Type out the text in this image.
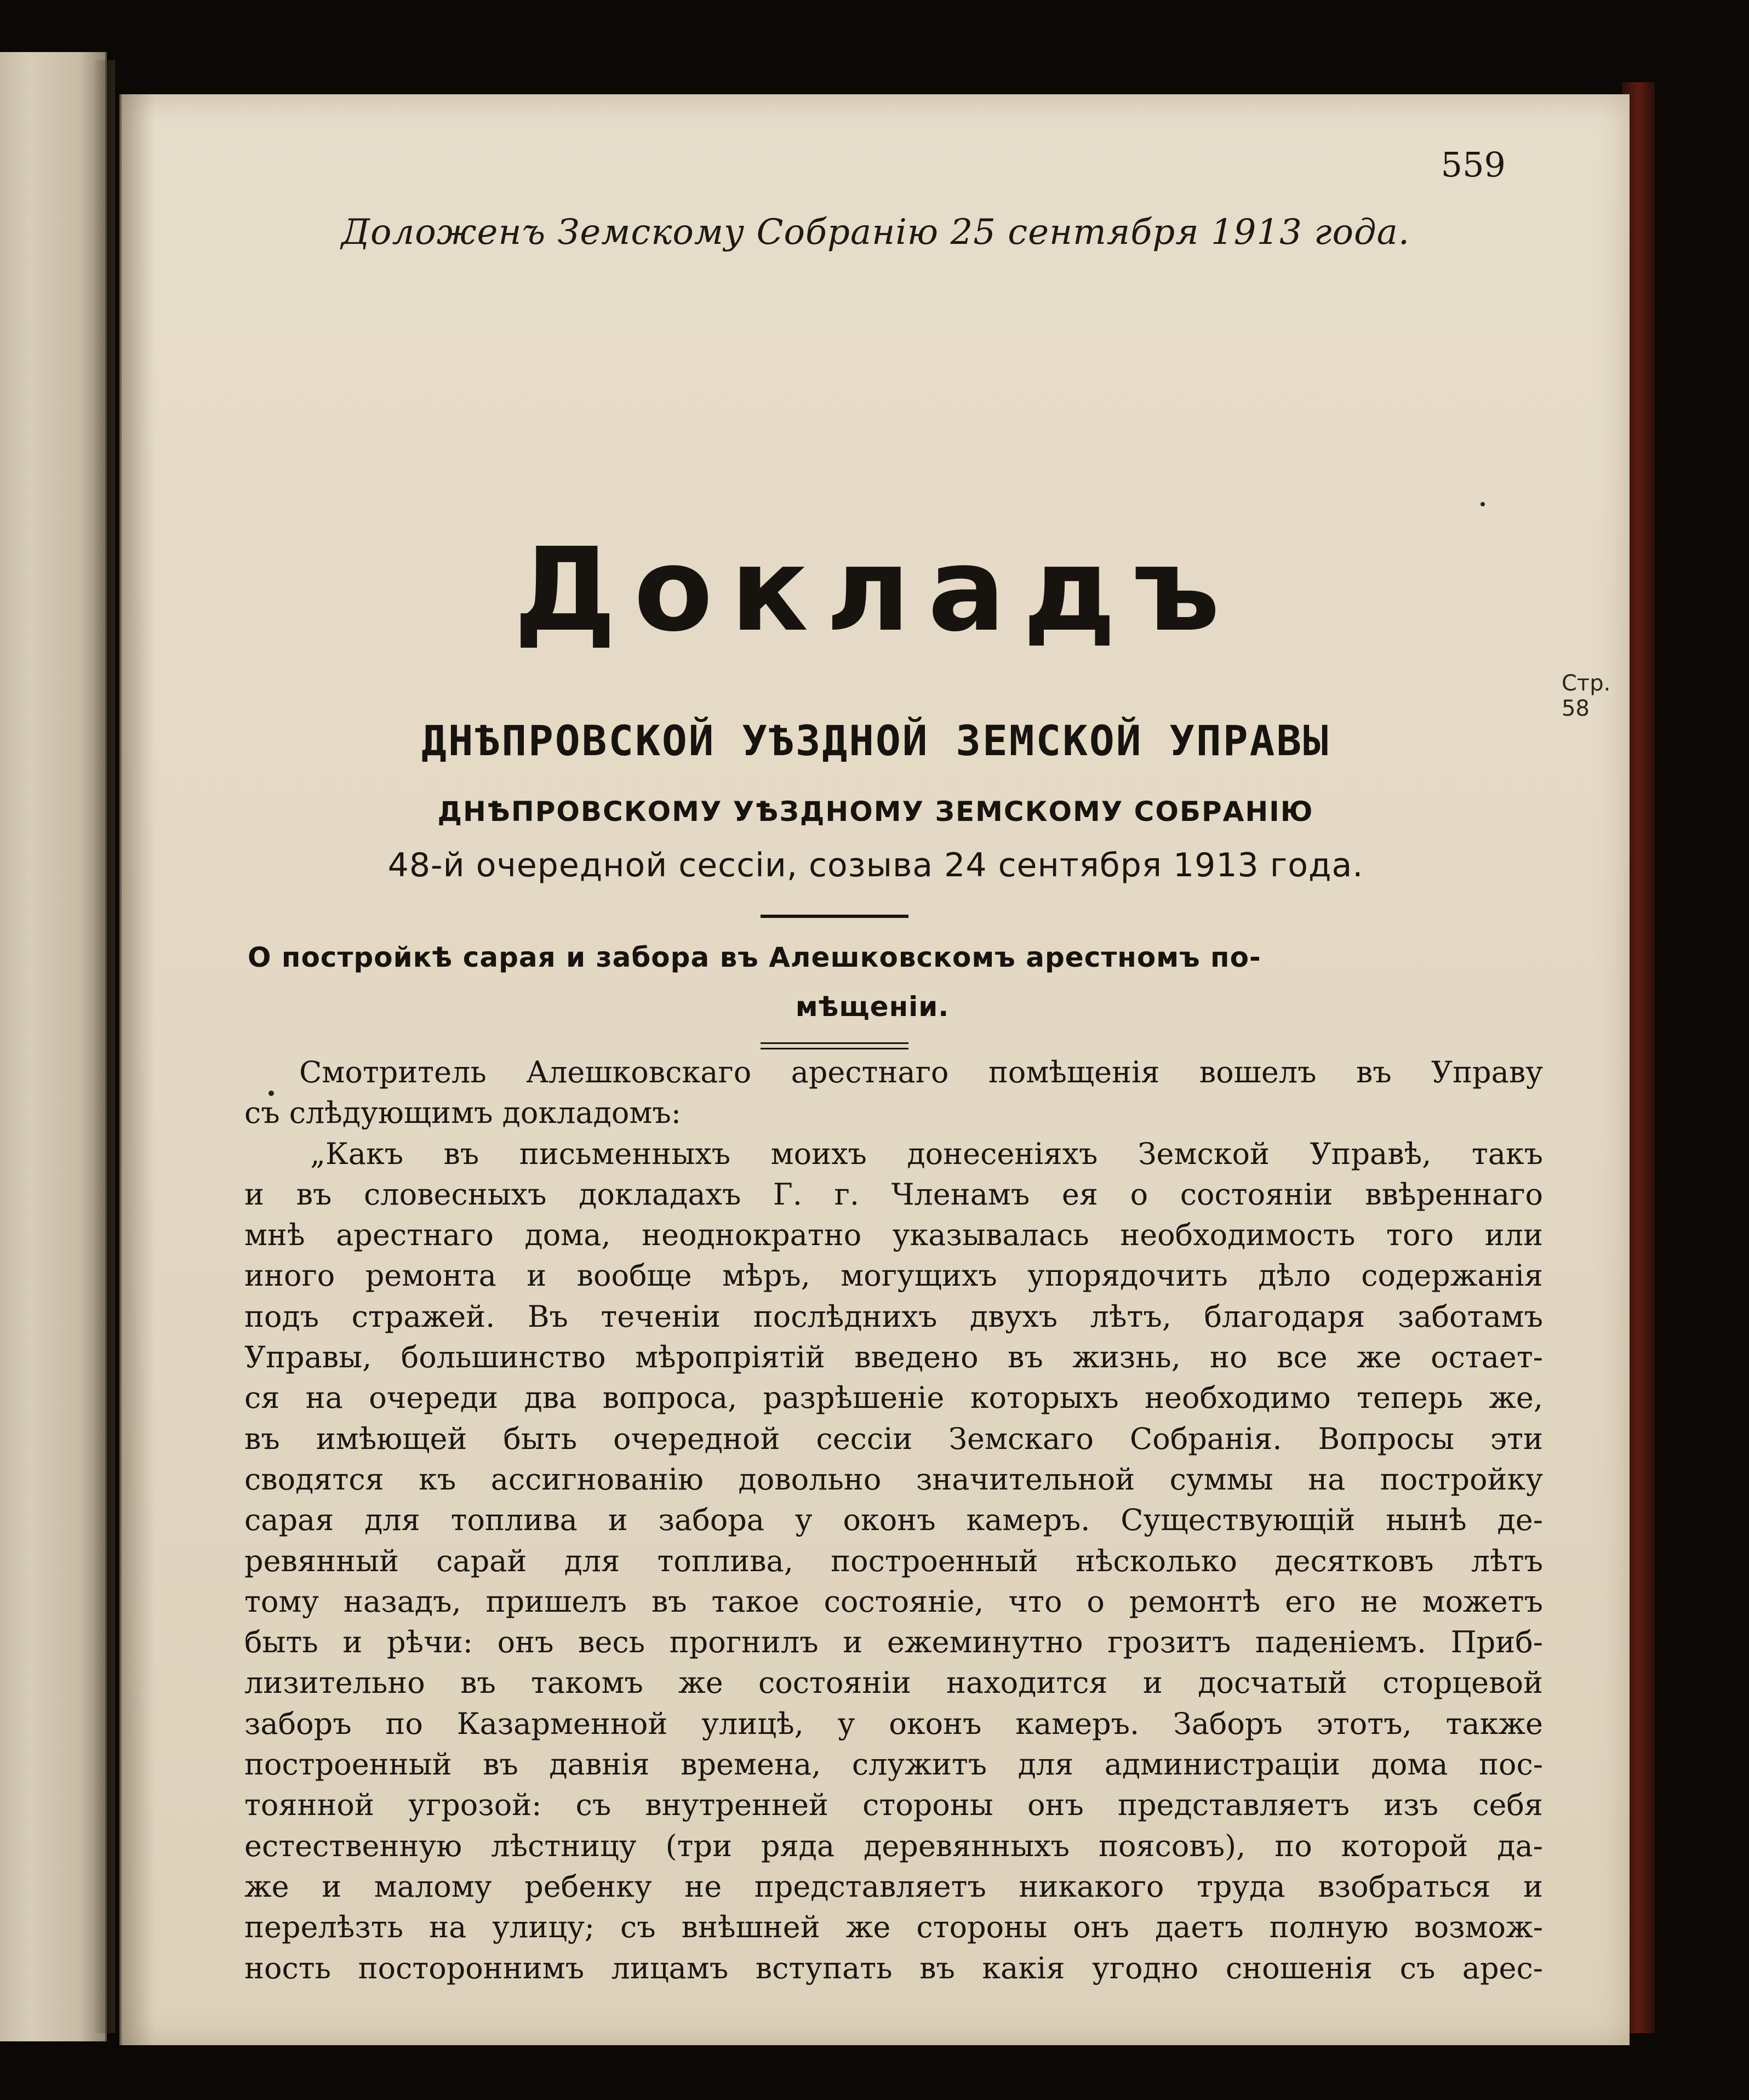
559
Доложенъ Земскому Собранію 25 сентября 1913 года.
Докладъ
Стр. 58
ДНѢПРОВСКОЙ УѢЗДНОЙ ЗЕМСКОЙ УПРАВЫ
ДНѢПРОВСКОМУ УѢЗДНОМУ ЗЕМСКОМУ СОБРАНІЮ
48-й очередной сессіи, созыва 24 сентября 1913 года.
О постройкѣ сарая и забора въ Алешковскомъ арестномъ по-
мѣщеніи.
Смотритель Алешковскаго арестнаго помѣщенія вошелъ въ Управу
съ слѣдующимъ докладомъ:
„Какъ въ письменныхъ моихъ донесеніяхъ Земской Управѣ, такъ
и въ словесныхъ докладахъ Г. г. Членамъ ея о состояніи ввѣреннаго
мнѣ арестнаго дома, неоднократно указывалась необходимость того или
иного ремонта и вообще мѣръ, могущихъ упорядочить дѣло содержанія
подъ стражей. Въ теченіи послѣднихъ двухъ лѣтъ, благодаря заботамъ
Управы, большинство мѣропріятій введено въ жизнь, но все же остает-
ся на очереди два вопроса, разрѣшеніе которыхъ необходимо теперь же,
въ имѣющей быть очередной сессіи Земскаго Собранія. Вопросы эти
сводятся къ ассигнованію довольно значительной суммы на постройку
сарая для топлива и забора у оконъ камеръ. Существующій нынѣ де-
ревянный сарай для топлива, построенный нѣсколько десятковъ лѣтъ
тому назадъ, пришелъ въ такое состояніе, что о ремонтѣ его не можетъ
быть и рѣчи: онъ весь прогнилъ и ежеминутно грозитъ паденіемъ. Приб-
лизительно въ такомъ же состояніи находится и досчатый сторцевой
заборъ по Казарменной улицѣ, у оконъ камеръ. Заборъ этотъ, также
построенный въ давнія времена, служитъ для администраціи дома пос-
тоянной угрозой: съ внутренней стороны онъ представляетъ изъ себя
естественную лѣстницу (три ряда деревянныхъ поясовъ), по которой да-
же и малому ребенку не представляетъ никакого труда взобраться и
перелѣзть на улицу; съ внѣшней же стороны онъ даетъ полную возмож-
ность постороннимъ лицамъ вступать въ какія угодно сношенія съ арес-
